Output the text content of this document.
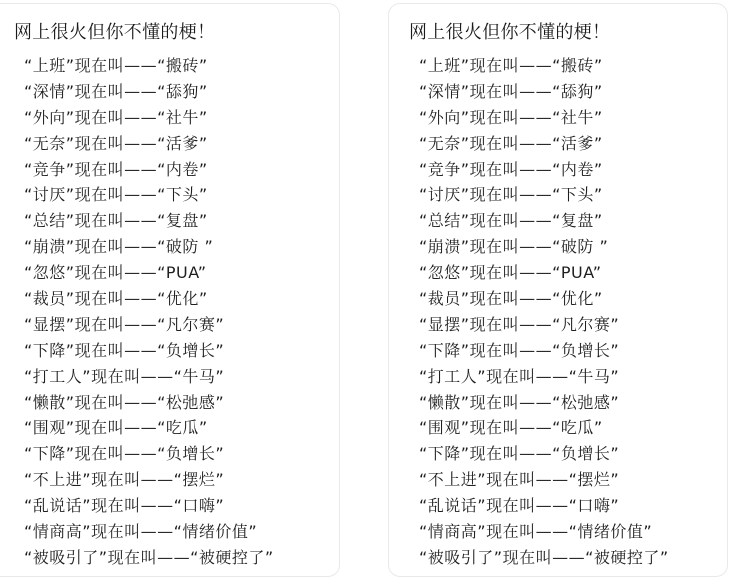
网上很火但你不懂的梗！
“上班”现在叫——“搬砖”
“深情”现在叫——“舔狗”
“外向”现在叫——“社牛”
“无奈”现在叫——“活爹”
“竞争”现在叫——“内卷”
“讨厌”现在叫——“下头”
“总结”现在叫——“复盘”
“崩溃”现在叫——“破防 ”
“忽悠”现在叫——“PUA”
“裁员”现在叫——“优化”
“显摆”现在叫——“凡尔赛”
“下降”现在叫——“负增长”
“打工人”现在叫——“牛马”
“懒散”现在叫——“松弛感”
“围观”现在叫——“吃瓜”
“下降”现在叫——“负增长”
“不上进”现在叫——“摆烂”
“乱说话”现在叫——“口嗨”
“情商高”现在叫——“情绪价值”
“被吸引了”现在叫——“被硬控了”
网上很火但你不懂的梗！
“上班”现在叫——“搬砖”
“深情”现在叫——“舔狗”
“外向”现在叫——“社牛”
“无奈”现在叫——“活爹”
“竞争”现在叫——“内卷”
“讨厌”现在叫——“下头”
“总结”现在叫——“复盘”
“崩溃”现在叫——“破防 ”
“忽悠”现在叫——“PUA”
“裁员”现在叫——“优化”
“显摆”现在叫——“凡尔赛”
“下降”现在叫——“负增长”
“打工人”现在叫——“牛马”
“懒散”现在叫——“松弛感”
“围观”现在叫——“吃瓜”
“下降”现在叫——“负增长”
“不上进”现在叫——“摆烂”
“乱说话”现在叫——“口嗨”
“情商高”现在叫——“情绪价值”
“被吸引了”现在叫——“被硬控了”
